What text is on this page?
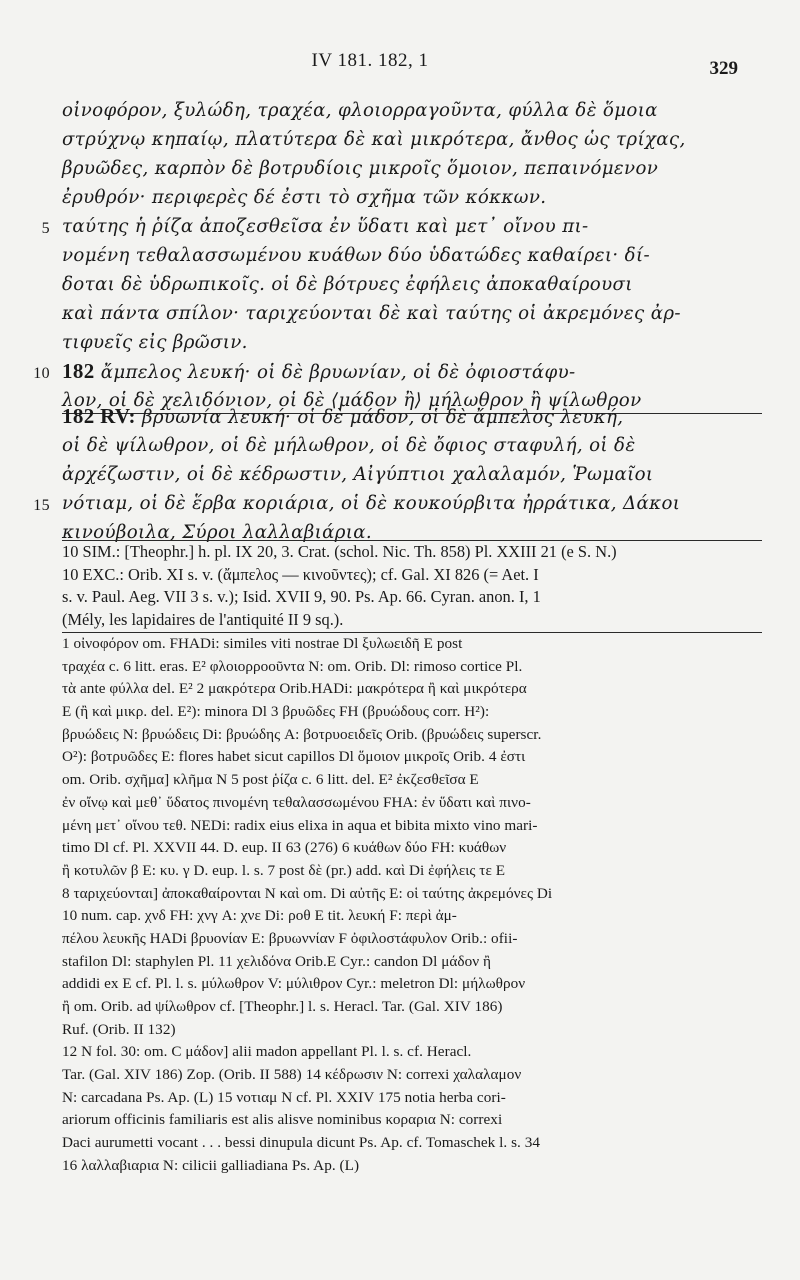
IV 181. 182, 1	329
οἰνοφόρον, ξυλώδη, τραχέα, φλοιορραγοῦντα, φύλλα δὲ ὅμοια
στρύχνῳ κηπαίῳ, πλατύτερα δὲ καὶ μικρότερα, ἄνθος ὡς τρίχας,
βρυῶδες, καρπὸν δὲ βοτρυδίοις μικροῖς ὅμοιον, πεπαινόμενον
ἐρυθρόν· περιφερὲς δέ ἐστι τὸ σχῆμα τῶν κόκκων.
5 ταύτης ἡ ῥίζα ἀποζεσθεῖσα ἐν ὕδατι καὶ μετ᾽ οἴνου πι-
νομένη τεθαλασσωμένου κυάθων δύο ὑδατώδες καθαίρει· δί-
δοται δὲ ὑδρωπικοῖς. οἱ δὲ βότρυες ἐφήλεις ἀποκαθαίρουσι
καὶ πάντα σπίλον· ταριχεύονται δὲ καὶ ταύτης οἱ ἀκρεμόνες ἀρ-
τιφυεῖς εἰς βρῶσιν.
10 182 ἄμπελος λευκή· οἱ δὲ βρυωνίαν, οἱ δὲ ὀφιοστάφυ-
λον, οἱ δὲ χελιδόνιον, οἱ δὲ ⟨μάδον ἢ⟩ μήλωθρον ἢ ψίλωθρον
182 RV: βρυωνία λευκή· οἱ δὲ μάδον, οἱ δὲ ἄμπελος λευκή,
οἱ δὲ ψίλωθρον, οἱ δὲ μήλωθρον, οἱ δὲ ὄφιος σταφυλή, οἱ δὲ
ἀρχέζωστιν, οἱ δὲ κέδρωστιν, Αἰγύπτιοι χαλαλαμόν, Ῥωμαῖοι
15 νότιαμ, οἱ δὲ ἕρβα κοριάρια, οἱ δὲ κουκούρβιτα ἠρράτικα, Δάκοι
κινούβοιλα, Σύροι λαλλαβιάρια.
10 SIM.: [Theophr.] h. pl. IX 20, 3. Crat. (schol. Nic. Th. 858) Pl. XXIII 21 (e S. N.)
10 EXC.: Orib. XI s. v. (ἄμπελος — κινοῦντες); cf. Gal. XI 826 (= Aet. I
s. v. Paul. Aeg. VII 3 s. v.); Isid. XVII 9, 90. Ps. Ap. 66. Cyran. anon. I, 1
(Mély, les lapidaires de l'antiquité II 9 sq.).
1 οἰνοφόρον om. FHADi: similes viti nostrae Dl ξυλωειδῆ E post
τραχέα c. 6 litt. eras. E² φλοιορροοῦντα N: om. Orib. Dl: rimoso cortice Pl.
τὰ ante φύλλα del. E² 2 μακρότερα Orib.HADi: μακρότερα ἢ καὶ μικρότερα
E (ἢ καὶ μικρ. del. E²): minora Dl 3 βρυῶδες FH (βρυώδους corr. H²):
βρυώδεις N: βρυώδεις Di: βρυώδης A: βοτρυοειδεῖς Orib. (βρυώδεις superscr.
O²): βοτρυῶδες E: flores habet sicut capillos Dl ὅμοιον μικροῖς Orib. 4 ἐστι
om. Orib. σχῆμα] κλῆμα N 5 post ῥίζα c. 6 litt. del. E² ἐκζεσθεῖσα E
ἐν οἴνῳ καὶ μεθ᾽ ὕδατος πινομένη τεθαλασσωμένου FHA: ἐν ὕδατι καὶ πινο-
μένη μετ᾽ οἴνου τεθ. NEDi: radix eius elixa in aqua et bibita mixto vino mari-
timo Dl cf. Pl. XXVII 44. D. eup. II 63 (276) 6 κυάθων δύο FH: κυάθων
ἢ κοτυλῶν β E: κυ. γ D. eup. l. s. 7 post δὲ (pr.) add. καὶ Di ἐφήλεις τε E
8 ταριχεύονται] ἀποκαθαίρονται N καὶ om. Di αὐτῆς E: οἱ ταύτης ἀκρεμόνες Di
10 num. cap. χνδ FH: χνγ A: χνε Di: ροθ E tit. λευκή F: περὶ ἀμ-
πέλου λευκῆς HADi βρυονίαν E: βρυωννίαν F ὀφιλοστάφυλον Orib.: ofii-
stafilon Dl: staphylen Pl. 11 χελιδόνα Orib.E Cyr.: candon Dl μάδον ἢ
addidi ex E cf. Pl. l. s. μύλωθρον V: μύλιθρον Cyr.: meletron Dl: μήλωθρον
ἢ om. Orib. ad ψίλωθρον cf. [Theophr.] l. s. Heracl. Tar. (Gal. XIV 186)
Ruf. (Orib. II 132)
12 N fol. 30: om. C μάδον] alii madon appellant Pl. l. s. cf. Heracl.
Tar. (Gal. XIV 186) Zop. (Orib. II 588) 14 κέδρωσιν N: correxi χαλαλαμον
N: carcadana Ps. Ap. (L) 15 νοτιαμ N cf. Pl. XXIV 175 notia herba cori-
ariorum officinis familiaris est alis alisve nominibus κοραρια N: correxi
Daci aurumetti vocant . . . bessi dinupula dicunt Ps. Ap. cf. Tomaschek l. s. 34
16 λαλλαβιαρια N: cilicii galliadiana Ps. Ap. (L)
